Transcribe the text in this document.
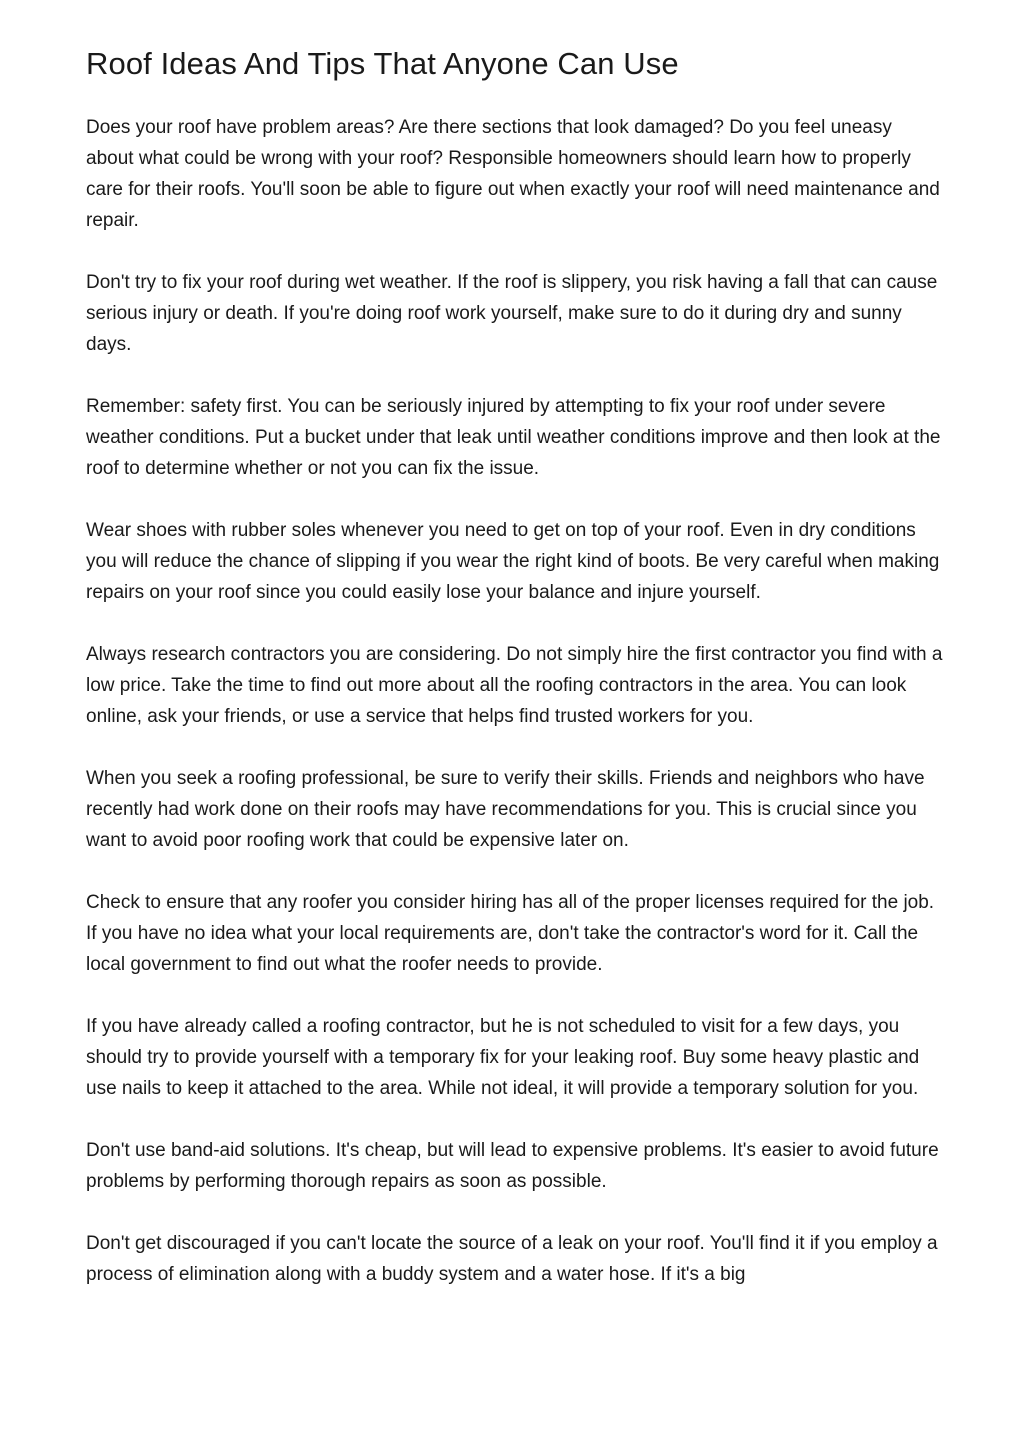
Roof Ideas And Tips That Anyone Can Use

Does your roof have problem areas? Are there sections that look damaged? Do you feel uneasy about what could be wrong with your roof? Responsible homeowners should learn how to properly care for their roofs. You'll soon be able to figure out when exactly your roof will need maintenance and repair.

Don't try to fix your roof during wet weather. If the roof is slippery, you risk having a fall that can cause serious injury or death. If you're doing roof work yourself, make sure to do it during dry and sunny days.

Remember: safety first. You can be seriously injured by attempting to fix your roof under severe weather conditions. Put a bucket under that leak until weather conditions improve and then look at the roof to determine whether or not you can fix the issue.

Wear shoes with rubber soles whenever you need to get on top of your roof. Even in dry conditions you will reduce the chance of slipping if you wear the right kind of boots. Be very careful when making repairs on your roof since you could easily lose your balance and injure yourself.

Always research contractors you are considering. Do not simply hire the first contractor you find with a low price. Take the time to find out more about all the roofing contractors in the area. You can look online, ask your friends, or use a service that helps find trusted workers for you.

When you seek a roofing professional, be sure to verify their skills. Friends and neighbors who have recently had work done on their roofs may have recommendations for you. This is crucial since you want to avoid poor roofing work that could be expensive later on.

Check to ensure that any roofer you consider hiring has all of the proper licenses required for the job. If you have no idea what your local requirements are, don't take the contractor's word for it. Call the local government to find out what the roofer needs to provide.

If you have already called a roofing contractor, but he is not scheduled to visit for a few days, you should try to provide yourself with a temporary fix for your leaking roof. Buy some heavy plastic and use nails to keep it attached to the area. While not ideal, it will provide a temporary solution for you.

Don't use band-aid solutions. It's cheap, but will lead to expensive problems. It's easier to avoid future problems by performing thorough repairs as soon as possible.

Don't get discouraged if you can't locate the source of a leak on your roof. You'll find it if you employ a process of elimination along with a buddy system and a water hose. If it's a big
